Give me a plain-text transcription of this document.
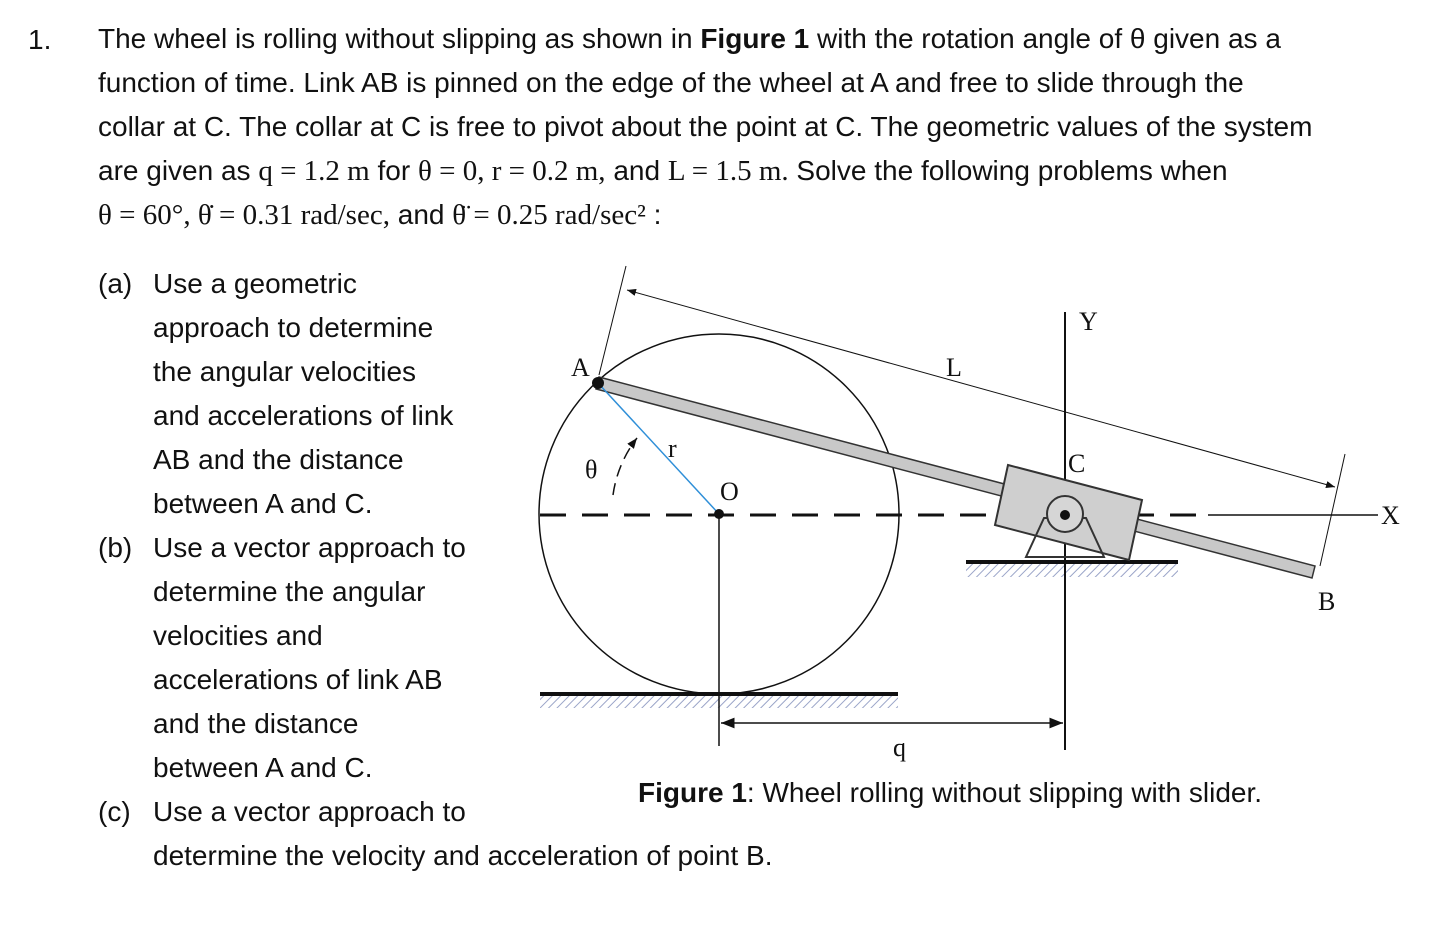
1. The wheel is rolling without slipping as shown in Figure 1 with the rotation angle of θ given as a
function of time. Link AB is pinned on the edge of the wheel at A and free to slide through the
collar at C. The collar at C is free to pivot about the point at C. The geometric values of the system
are given as q = 1.2 m for θ = 0, r = 0.2 m, and L = 1.5 m. Solve the following problems when
θ = 60°, θ̇ = 0.31 rad/sec, and θ̈ = 0.25 rad/sec² :
(a) Use a geometric
approach to determine
the angular velocities
and accelerations of link
AB and the distance
between A and C.
(b) Use a vector approach to
determine the angular
velocities and
accelerations of link AB
and the distance
between A and C.
(c) Use a vector approach to
determine the velocity and acceleration of point B.
Figure 1: Wheel rolling without slipping with slider.
A
B
C
O
L
r
q
θ
X
Y
